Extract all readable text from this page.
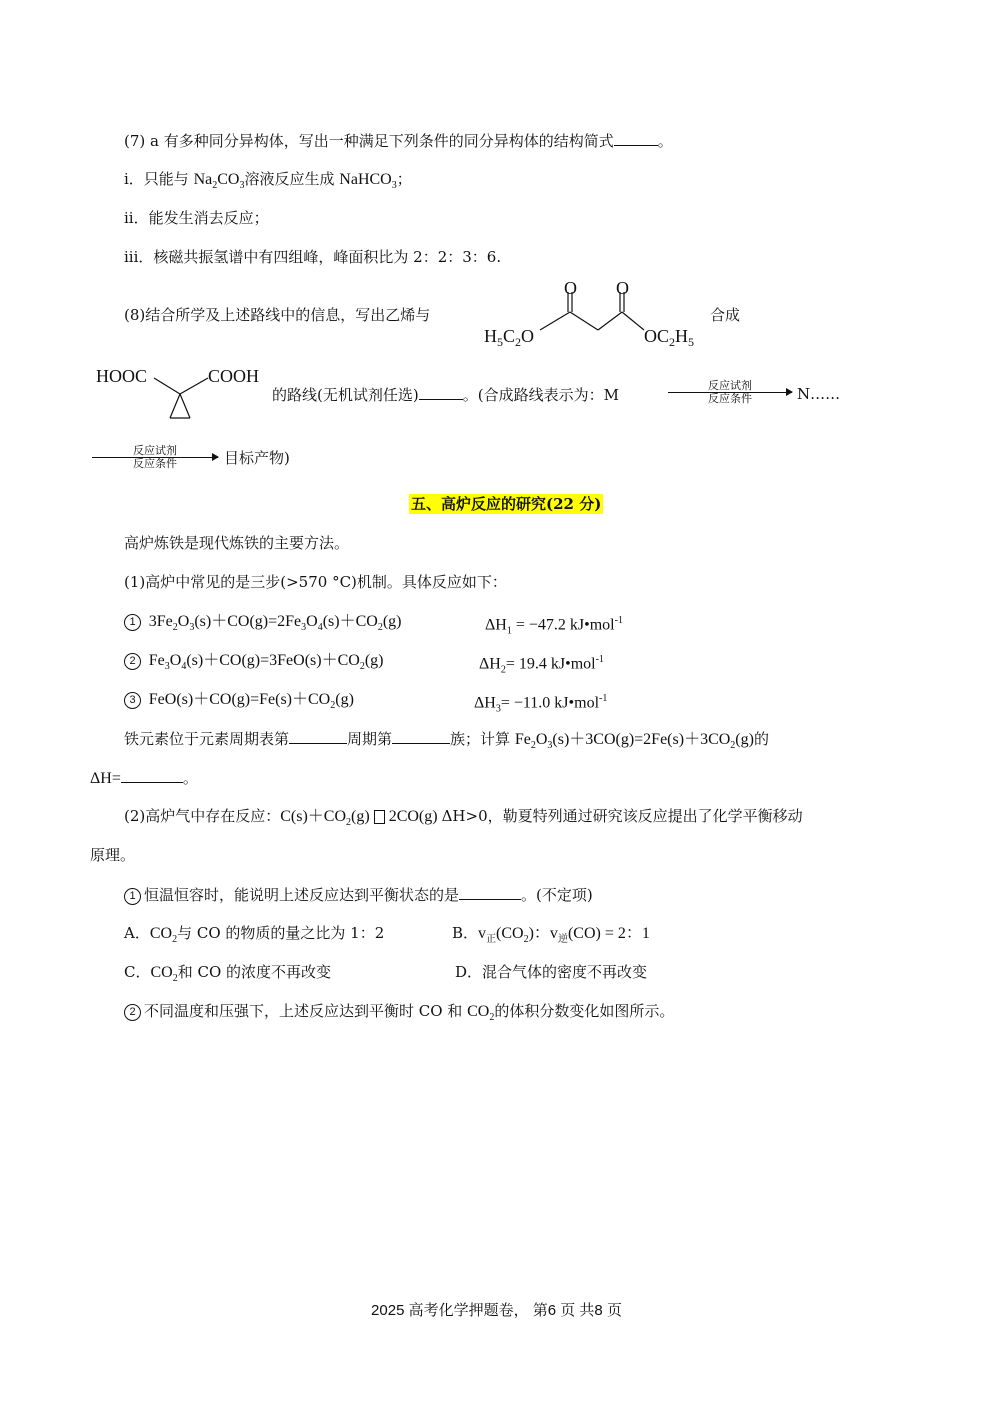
(7) a 有多种同分异构体，写出一种满足下列条件的同分异构体的结构简式	。
i．只能与 $Na_2CO_3$溶液反应生成 NaHCO$_3$；
ii．能发生消去反应；
iii．核磁共振氢谱中有四组峰，峰面积比为 2：2：3：6.
(8)结合所学及上述路线中的信息，写出乙烯与
O O
$H_5C_2O$	$OC_2H_5$
合成
HOOC	COOH
的路线(无机试剂任选)	。(合成路线表示为：M	反应试剂
反应条件	N……
反应试剂
反应条件	目标产物)
五、高炉反应的研究(22 分)
高炉炼铁是现代炼铁的主要方法。
(1)高炉中常见的是三步(>570 °C)机制。具体反应如下：
1 $3Fe_2O_3(s)+CO(g)=2Fe_3O_4(s)+CO_2(g)$	$\Delta H_1 = -47.2$ kJ•mol$^{-1}$
2 $Fe_3O_4(s)+CO(g)=3FeO(s)+CO_2(g)$	$\Delta H_2= 19.4$ kJ•mol$^{-1}$
3 $FeO(s)+CO(g)=Fe(s)+CO_2(g)$	$\Delta H_3= -11.0$ kJ•mol$^{-1}$
铁元素位于元素周期表第	周期第	族；计算 $Fe_2O_3(s)+3CO(g)=2Fe(s)+3CO_2(g)$的
ΔH=	。
(2)高炉气中存在反应：$C(s)+CO_2(g)$ 2CO(g) ΔH>0，勒夏特列通过研究该反应提出了化学平衡移动
原理。
1 恒温恒容时，能说明上述反应达到平衡状态的是	。(不定项)
A．$CO_2$与 CO 的物质的量之比为 1：2	B．$v_正(CO_2)$：$v_逆(CO) = 2$：1
C．$CO_2$和 CO 的浓度不再改变	D．混合气体的密度不再改变
2 不同温度和压强下，上述反应达到平衡时 CO 和 $CO_2$的体积分数变化如图所示。
2025 高考化学押题卷， 第6 页 共8 页
